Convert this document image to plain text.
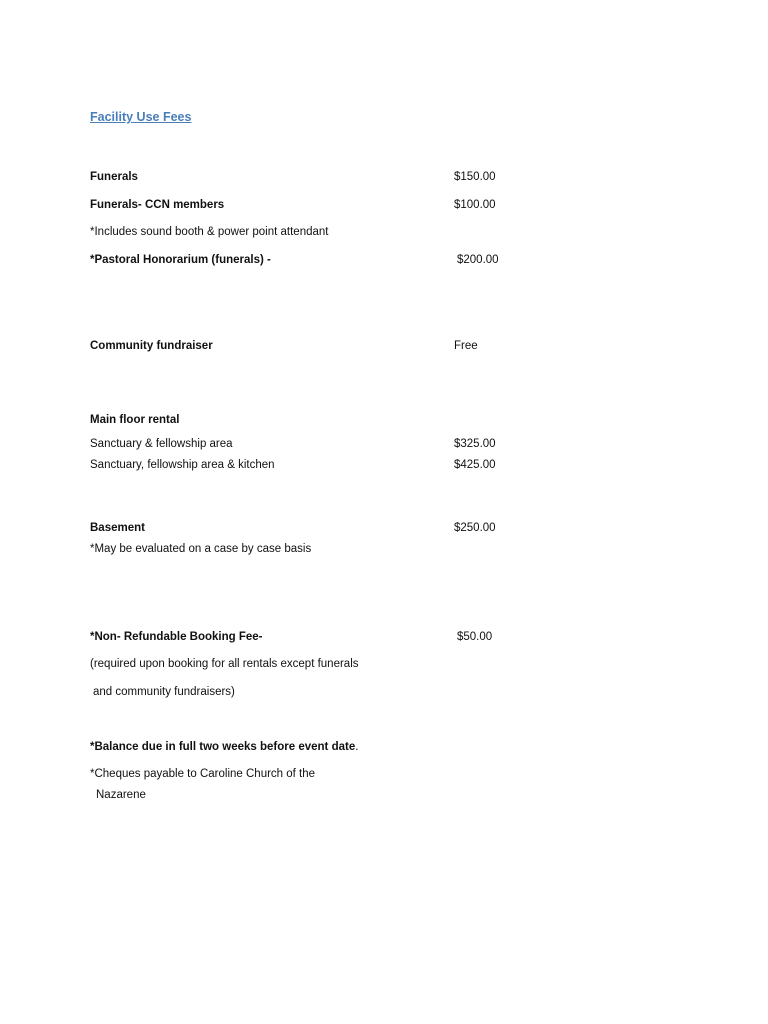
Facility Use Fees
Funerals	$150.00
Funerals- CCN members	$100.00
*Includes sound booth & power point attendant
*Pastoral Honorarium (funerals) -	$200.00
Community fundraiser	Free
Main floor rental
Sanctuary & fellowship area	$325.00
Sanctuary, fellowship area & kitchen	$425.00
Basement	$250.00
*May be evaluated on a case by case basis
*Non- Refundable Booking Fee-	$50.00
(required upon booking for all rentals except funerals
and community fundraisers)
*Balance due in full two weeks before event date.
*Cheques payable to Caroline Church of the
Nazarene
